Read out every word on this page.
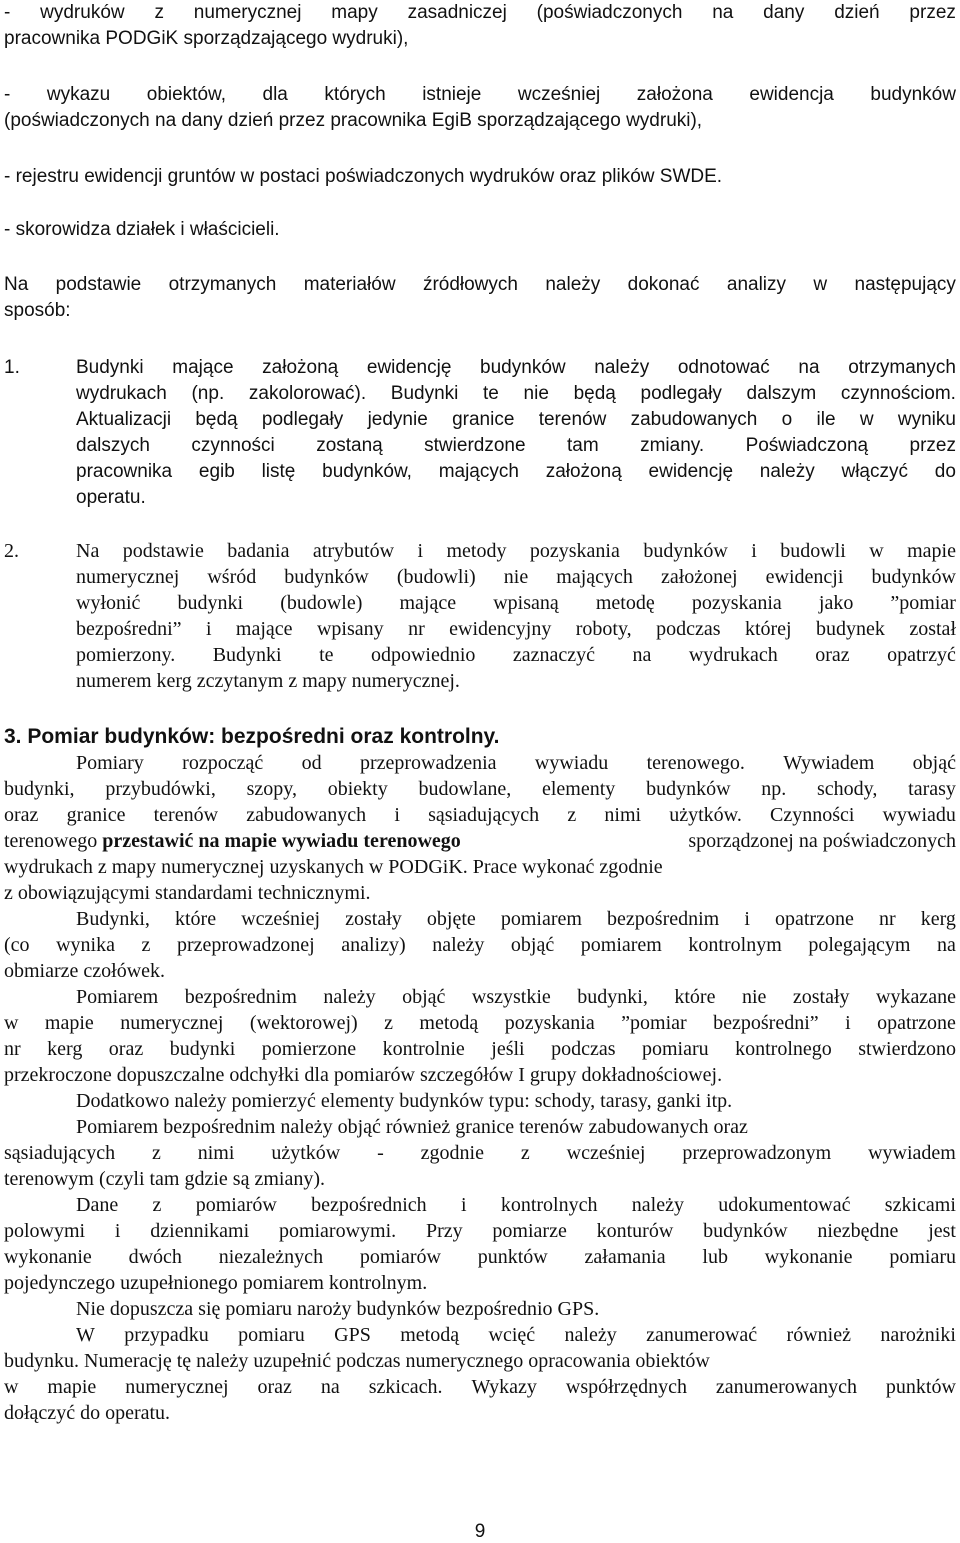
- wydruków z numerycznej mapy zasadniczej (poświadczonych na dany dzień przez
pracownika PODGiK sporządzającego wydruki),
- wykazu obiektów, dla których istnieje wcześniej założona ewidencja budynków
(poświadczonych na dany dzień przez pracownika EgiB sporządzającego wydruki),
- rejestru ewidencji gruntów w postaci poświadczonych wydruków oraz plików SWDE.
- skorowidza działek i właścicieli.
Na podstawie otrzymanych materiałów źródłowych należy dokonać analizy w następujący
sposób:
1.	Budynki mające założoną ewidencję budynków należy odnotować na otrzymanych
wydrukach (np. zakolorować). Budynki te nie będą podlegały dalszym czynnościom.
Aktualizacji będą podlegały jedynie granice terenów zabudowanych o ile w wyniku
dalszych czynności zostaną stwierdzone tam zmiany. Poświadczoną przez
pracownika egib listę budynków, mających założoną ewidencję należy włączyć do
operatu.
2.	Na podstawie badania atrybutów i metody pozyskania budynków i budowli w mapie
numerycznej wśród budynków (budowli) nie mających założonej ewidencji budynków
wyłonić budynki (budowle) mające wpisaną metodę pozyskania jako ”pomiar
bezpośredni” i mające wpisany nr ewidencyjny roboty, podczas której budynek został
pomierzony. Budynki te odpowiednio zaznaczyć na wydrukach oraz opatrzyć
numerem kerg zczytanym z mapy numerycznej.
3. Pomiar budynków: bezpośredni oraz kontrolny.
Pomiary rozpocząć od przeprowadzenia wywiadu terenowego. Wywiadem objąć
budynki, przybudówki, szopy, obiekty budowlane, elementy budynków np. schody, tarasy
oraz granice terenów zabudowanych i sąsiadujących z nimi użytków. Czynności wywiadu
terenowego przestawić na mapie wywiadu terenowego	sporządzonej na poświadczonych
wydrukach z mapy numerycznej uzyskanych w PODGiK. Prace wykonać zgodnie
z obowiązującymi standardami technicznymi.
Budynki, które wcześniej zostały objęte pomiarem bezpośrednim i opatrzone nr kerg
(co wynika z przeprowadzonej analizy) należy objąć pomiarem kontrolnym polegającym na
obmiarze czołówek.
Pomiarem bezpośrednim należy objąć wszystkie budynki, które nie zostały wykazane
w mapie numerycznej (wektorowej) z metodą pozyskania ”pomiar bezpośredni” i opatrzone
nr kerg oraz budynki pomierzone kontrolnie jeśli podczas pomiaru kontrolnego stwierdzono
przekroczone dopuszczalne odchyłki dla pomiarów szczegółów I grupy dokładnościowej.
Dodatkowo należy pomierzyć elementy budynków typu: schody, tarasy, ganki itp.
Pomiarem bezpośrednim należy objąć również granice terenów zabudowanych oraz
sąsiadujących z nimi użytków - zgodnie z wcześniej przeprowadzonym wywiadem
terenowym (czyli tam gdzie są zmiany).
Dane z pomiarów bezpośrednich i kontrolnych należy udokumentować szkicami
polowymi i dziennikami pomiarowymi. Przy pomiarze konturów budynków niezbędne jest
wykonanie dwóch niezależnych pomiarów punktów załamania lub wykonanie pomiaru
pojedynczego uzupełnionego pomiarem kontrolnym.
Nie dopuszcza się pomiaru naroży budynków bezpośrednio GPS.
W przypadku pomiaru GPS metodą wcięć należy zanumerować również narożniki
budynku. Numerację tę należy uzupełnić podczas numerycznego opracowania obiektów
w mapie numerycznej oraz na szkicach. Wykazy współrzędnych zanumerowanych punktów
dołączyć do operatu.
9
